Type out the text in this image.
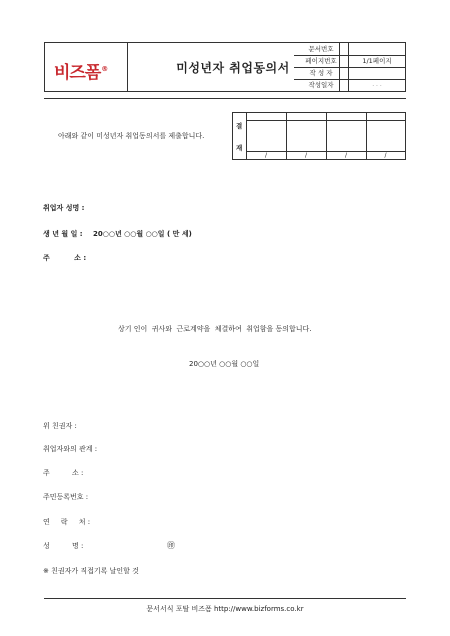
비즈폼®	미성년자 취업동의서
문서번호
페이지번호	1/1페이지
작 성 자
작성일자	. . .
아래와 같이 미성년자 취업동의서를 제출합니다.
결
재
/	/	/	/
취업자 성명 :
생 년 월 일 : 20○○년 ○○월 ○○일 ( 만 세)
주          소 :
상기 인이  귀사와  근로계약을  체결하여  취업함을 동의합니다.
20○○년 ○○월 ○○일
위 친권자 :
취업자와의 관계 :
주          소 :
주민등록번호 :
연     락     처 :
성          명 :	㊞
※ 친권자가 직접기록 날인할 것
문서서식 포탈 비즈폼 http://www.bizforms.co.kr
